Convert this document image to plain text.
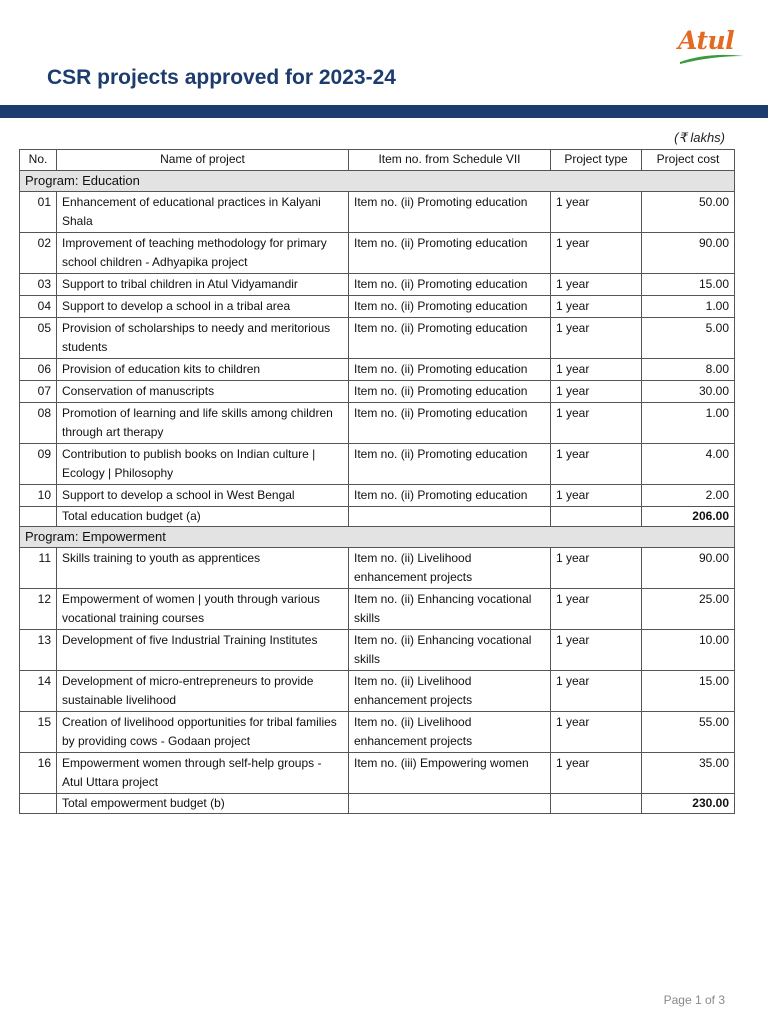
Atul
CSR projects approved for 2023-24
(₹ lakhs)
No.	Name of project	Item no. from Schedule VII	Project type	Project cost
Program: Education				
01	Enhancement of educational practices in Kalyani Shala	Item no. (ii) Promoting education	1 year	50.00
02	Improvement of teaching methodology for primary school children - Adhyapika project	Item no. (ii) Promoting education	1 year	90.00
03	Support to tribal children in Atul Vidyamandir	Item no. (ii) Promoting education	1 year	15.00
04	Support to develop a school in a tribal area	Item no. (ii) Promoting education	1 year	1.00
05	Provision of scholarships to needy and meritorious students	Item no. (ii) Promoting education	1 year	5.00
06	Provision of education kits to children	Item no. (ii) Promoting education	1 year	8.00
07	Conservation of manuscripts	Item no. (ii) Promoting education	1 year	30.00
08	Promotion of learning and life skills among children through art therapy	Item no. (ii) Promoting education	1 year	1.00
09	Contribution to publish books on Indian culture | Ecology | Philosophy	Item no. (ii) Promoting education	1 year	4.00
10	Support to develop a school in West Bengal	Item no. (ii) Promoting education	1 year	2.00
	Total education budget (a)			206.00
Program: Empowerment				
11	Skills training to youth as apprentices	Item no. (ii) Livelihood enhancement projects	1 year	90.00
12	Empowerment of women | youth through various vocational training courses	Item no. (ii) Enhancing vocational skills	1 year	25.00
13	Development of five Industrial Training Institutes	Item no. (ii) Enhancing vocational skills	1 year	10.00
14	Development of micro-entrepreneurs to provide sustainable livelihood	Item no. (ii) Livelihood enhancement projects	1 year	15.00
15	Creation of livelihood opportunities for tribal families by providing cows - Godaan project	Item no. (ii) Livelihood enhancement projects	1 year	55.00
16	Empowerment women through self-help groups - Atul Uttara project	Item no. (iii) Empowering women	1 year	35.00
	Total empowerment budget (b)			230.00
Page 1 of 3
